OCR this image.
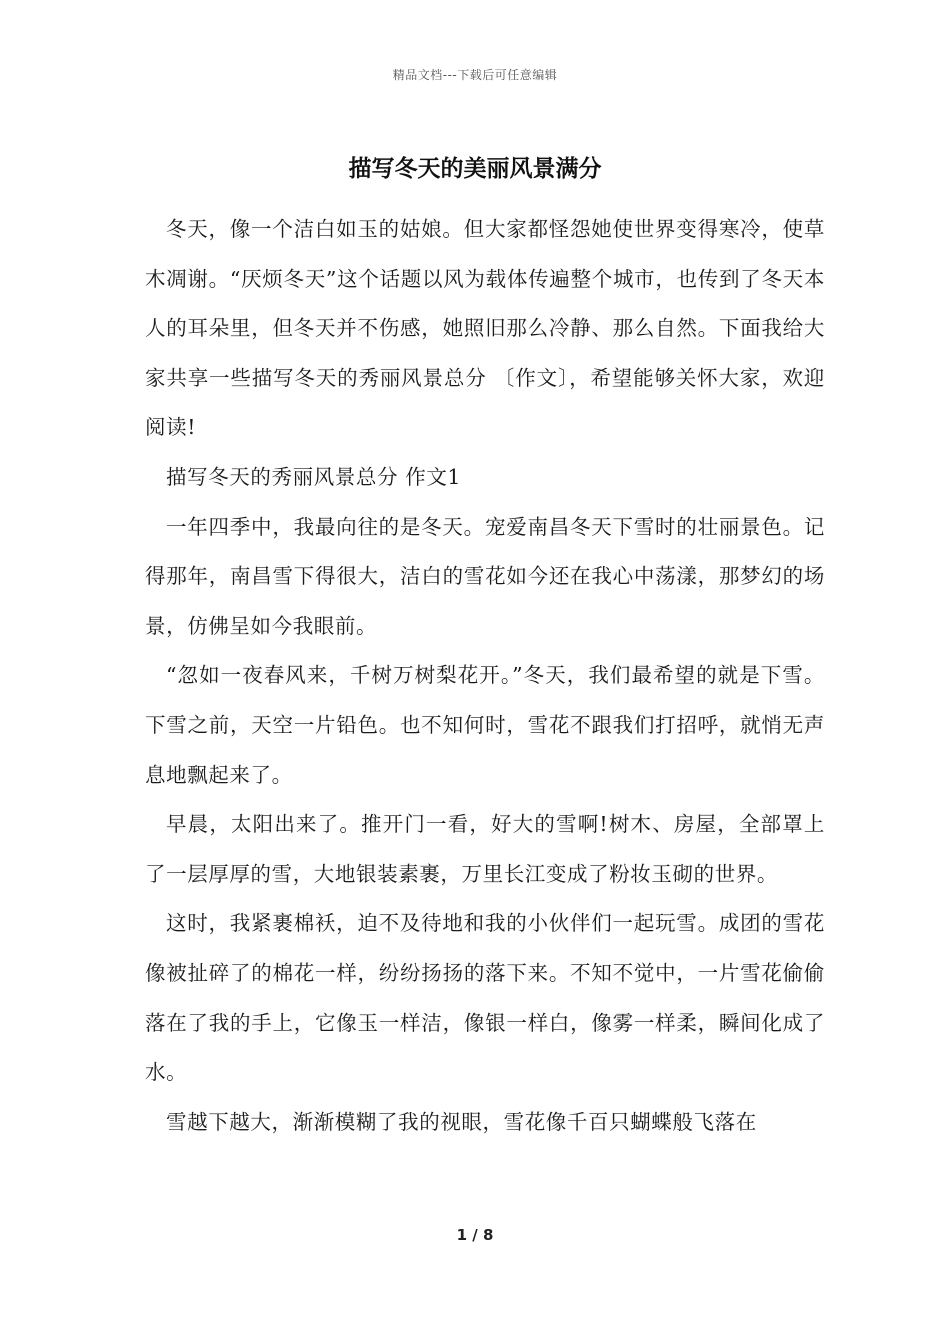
精品文档---下载后可任意编辑
描写冬天的美丽风景满分

冬天，像一个洁白如玉的姑娘。但大家都怪怨她使世界变得寒冷，使草木凋谢。“厌烦冬天”这个话题以风为载体传遍整个城市，也传到了冬天本人的耳朵里，但冬天并不伤感，她照旧那么冷静、那么自然。下面我给大家共享一些描写冬天的秀丽风景总分 〔作文〕，希望能够关怀大家，欢迎阅读!

描写冬天的秀丽风景总分 作文1

一年四季中，我最向往的是冬天。宠爱南昌冬天下雪时的壮丽景色。记得那年，南昌雪下得很大，洁白的雪花如今还在我心中荡漾，那梦幻的场景，仿佛呈如今我眼前。

“忽如一夜春风来，千树万树梨花开。”冬天，我们最希望的就是下雪。下雪之前，天空一片铅色。也不知何时，雪花不跟我们打招呼，就悄无声息地飘起来了。

早晨，太阳出来了。推开门一看，好大的雪啊!树木、房屋，全部罩上了一层厚厚的雪，大地银装素裹，万里长江变成了粉妆玉砌的世界。

这时，我紧裹棉袄，迫不及待地和我的小伙伴们一起玩雪。成团的雪花像被扯碎了的棉花一样，纷纷扬扬的落下来。不知不觉中，一片雪花偷偷落在了我的手上，它像玉一样洁，像银一样白，像雾一样柔，瞬间化成了水。

雪越下越大，渐渐模糊了我的视眼，雪花像千百只蝴蝶般飞落在

1 / 8
